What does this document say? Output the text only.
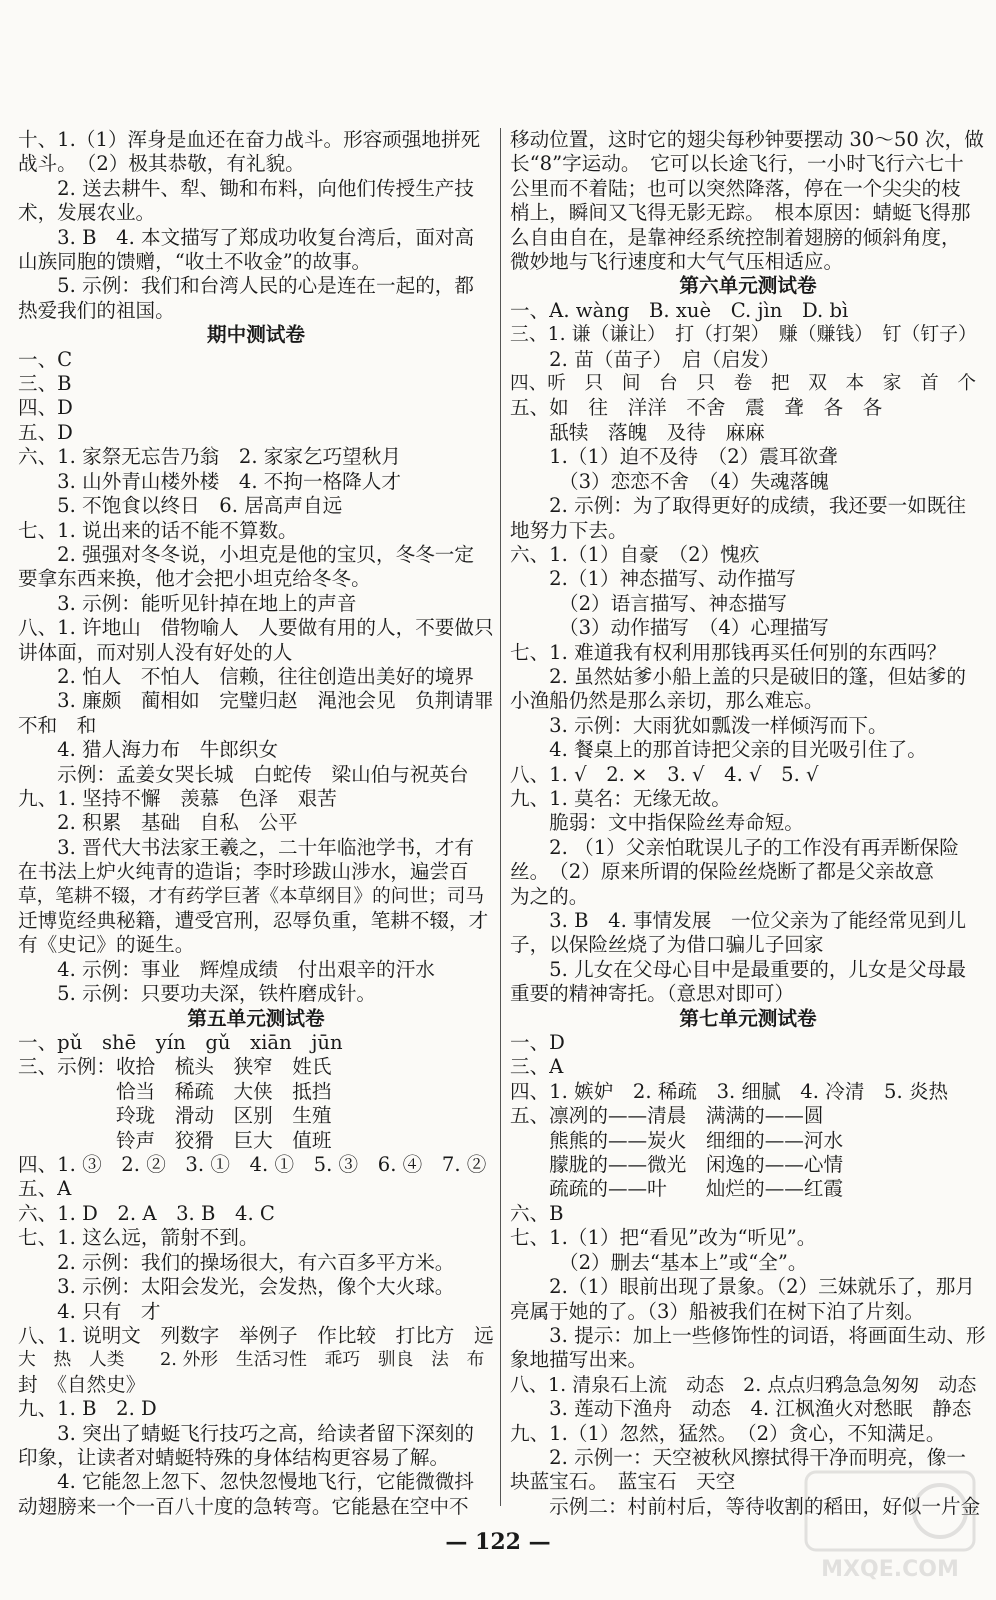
十、1.（1）浑身是血还在奋力战斗。形容顽强地拼死
战斗。　（2）极其恭敬，有礼貌。
　　2. 送去耕牛、犁、锄和布料，向他们传授生产技
术，发展农业。
　　3. B　4. 本文描写了郑成功收复台湾后，面对高
山族同胞的馈赠，“收土不收金”的故事。
　　5. 示例：我们和台湾人民的心是连在一起的，都
热爱我们的祖国。
期中测试卷
一、C
三、B
四、D
五、D
六、1. 家祭无忘告乃翁　2. 家家乞巧望秋月
　　3. 山外青山楼外楼　4. 不拘一格降人才
　　5. 不饱食以终日　6. 居高声自远
七、1. 说出来的话不能不算数。
　　2. 强强对冬冬说，小坦克是他的宝贝，冬冬一定
要拿东西来换，他才会把小坦克给冬冬。
　　3. 示例：能听见针掉在地上的声音
八、1. 许地山　借物喻人　人要做有用的人，不要做只
讲体面，而对别人没有好处的人
　　2. 怕人　不怕人　信赖，往往创造出美好的境界
　　3. 廉颇　蔺相如　完璧归赵　渑池会见　负荆请罪
不和　和
　　4. 猎人海力布　牛郎织女
　　示例：孟姜女哭长城　白蛇传　梁山伯与祝英台
九、1. 坚持不懈　羡慕　色泽　艰苦
　　2. 积累　基础　自私　公平
　　3. 晋代大书法家王羲之，二十年临池学书，才有
在书法上炉火纯青的造诣；李时珍跋山涉水，遍尝百
草，笔耕不辍，才有药学巨著《本草纲目》的问世；司马
迁博览经典秘籍，遭受宫刑，忍辱负重，笔耕不辍，才
有《史记》的诞生。
　　4. 示例：事业　辉煌成绩　付出艰辛的汗水
　　5. 示例：只要功夫深，铁杵磨成针。
第五单元测试卷
一、pǔ　shē　yín　gǔ　xiān　jūn
三、示例：收拾　梳头　狭窄　姓氏
　　　　　恰当　稀疏　大侠　抵挡
　　　　　玲珑　滑动　区别　生殖
　　　　　铃声　狡猾　巨大　值班
四、1. ③　2. ②　3. ①　4. ①　5. ③　6. ④　7. ②
五、A
六、1. D　2. A　3. B　4. C
七、1. 这么远，箭射不到。
　　2. 示例：我们的操场很大，有六百多平方米。
　　3. 示例：太阳会发光，会发热，像个大火球。
　　4. 只有　才
八、1. 说明文　列数字　举例子　作比较　打比方　远
大　热　人类　　2. 外形　生活习性　乖巧　驯良　法　布
封　《自然史》
九、1. B　2. D
　　3. 突出了蜻蜓飞行技巧之高，给读者留下深刻的
印象，让读者对蜻蜓特殊的身体结构更容易了解。
　　4. 它能忽上忽下、忽快忽慢地飞行，它能微微抖
动翅膀来一个一百八十度的急转弯。它能悬在空中不
移动位置，这时它的翅尖每秒钟要摆动 30～50 次，做
长“8”字运动。　它可以长途飞行，一小时飞行六七十
公里而不着陆；也可以突然降落，停在一个尖尖的枝
梢上，瞬间又飞得无影无踪。　根本原因：蜻蜓飞得那
么自由自在，是靠神经系统控制着翅膀的倾斜角度，
微妙地与飞行速度和大气气压相适应。
第六单元测试卷
一、A. wàng　B. xuè　C. jìn　D. bì
三、1. 谦（谦让）　打（打架）　赚（赚钱）　钉（钉子）
　　2. 苗（苗子）　启（启发）
四、听　只　间　台　只　卷　把　双　本　家　首　个
五、如　往　洋洋　不舍　震　聋　各　各
　　舐犊　落魄　及待　麻麻
　　1.（1）迫不及待　（2）震耳欲聋
　　　（3）恋恋不舍　（4）失魂落魄
　　2. 示例：为了取得更好的成绩，我还要一如既往
地努力下去。
六、1.（1）自豪　（2）愧疚
　　2.（1）神态描写、动作描写
　　　（2）语言描写、神态描写
　　　（3）动作描写　（4）心理描写
七、1. 难道我有权利用那钱再买任何别的东西吗？
　　2. 虽然姑爹小船上盖的只是破旧的篷，但姑爹的
小渔船仍然是那么亲切，那么难忘。
　　3. 示例：大雨犹如瓢泼一样倾泻而下。
　　4. 餐桌上的那首诗把父亲的目光吸引住了。
八、1. √　2. ×　3. √　4. √　5. √
九、1. 莫名：无缘无故。
　　脆弱：文中指保险丝寿命短。
　　2. （1）父亲怕耽误儿子的工作没有再弄断保险
丝。　（2）原来所谓的保险丝烧断了都是父亲故意
为之的。
　　3. B　4. 事情发展　一位父亲为了能经常见到儿
子，以保险丝烧了为借口骗儿子回家
　　5. 儿女在父母心目中是最重要的，儿女是父母最
重要的精神寄托。（意思对即可）
第七单元测试卷
一、D
三、A
四、1. 嫉妒　2. 稀疏　3. 细腻　4. 冷清　5. 炎热
五、凛冽的——清晨　满满的——圆
　　熊熊的——炭火　细细的——河水
　　朦胧的——微光　闲逸的——心情
　　疏疏的——叶　　灿烂的——红霞
六、B
七、1.（1）把“看见”改为“听见”。
　　　（2）删去“基本上”或“全”。
　　2.（1）眼前出现了景象。（2）三妹就乐了，那月
亮属于她的了。（3）船被我们在树下泊了片刻。
　　3. 提示：加上一些修饰性的词语，将画面生动、形
象地描写出来。
八、1. 清泉石上流　动态　2. 点点归鸦急急匆匆　动态
　　3. 莲动下渔舟　动态　4. 江枫渔火对愁眠　静态
九、1.（1）忽然，猛然。　（2）贪心，不知满足。
　　2. 示例一：天空被秋风擦拭得干净而明亮，像一
块蓝宝石。　蓝宝石　天空
　　示例二：村前村后，等待收割的稻田，好似一片金
— 122 —
MXQE.COM
